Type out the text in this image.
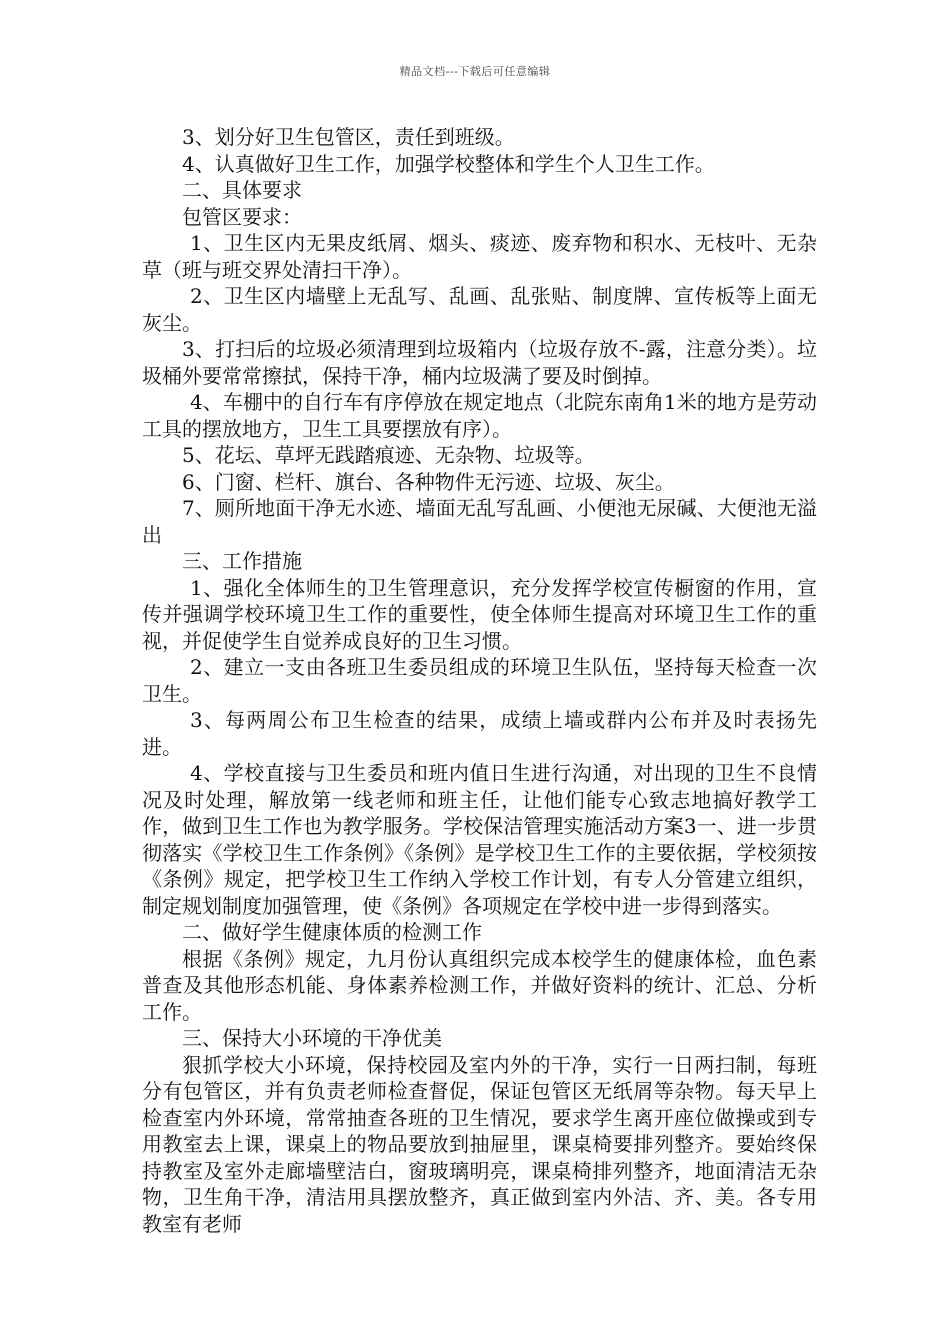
精品文档---下载后可任意编辑

3、划分好卫生包管区，责任到班级。

4、认真做好卫生工作，加强学校整体和学生个人卫生工作。

二、具体要求

包管区要求：

1、卫生区内无果皮纸屑、烟头、痰迹、废弃物和积水、无枝叶、无杂草（班与班交界处清扫干净）。

2、卫生区内墙壁上无乱写、乱画、乱张贴、制度牌、宣传板等上面无灰尘。

3、打扫后的垃圾必须清理到垃圾箱内（垃圾存放不-露，注意分类）。垃圾桶外要常常擦拭，保持干净，桶内垃圾满了要及时倒掉。

4、车棚中的自行车有序停放在规定地点（北院东南角1米的地方是劳动工具的摆放地方，卫生工具要摆放有序）。

5、花坛、草坪无践踏痕迹、无杂物、垃圾等。

6、门窗、栏杆、旗台、各种物件无污迹、垃圾、灰尘。

7、厕所地面干净无水迹、墙面无乱写乱画、小便池无尿碱、大便池无溢出

三、工作措施

1、强化全体师生的卫生管理意识，充分发挥学校宣传橱窗的作用，宣传并强调学校环境卫生工作的重要性，使全体师生提高对环境卫生工作的重视，并促使学生自觉养成良好的卫生习惯。

2、建立一支由各班卫生委员组成的环境卫生队伍，坚持每天检查一次卫生。

3、每两周公布卫生检查的结果，成绩上墙或群内公布并及时表扬先进。

4、学校直接与卫生委员和班内值日生进行沟通，对出现的卫生不良情况及时处理，解放第一线老师和班主任，让他们能专心致志地搞好教学工作，做到卫生工作也为教学服务。学校保洁管理实施活动方案3一、进一步贯彻落实《学校卫生工作条例》《条例》是学校卫生工作的主要依据，学校须按《条例》规定，把学校卫生工作纳入学校工作计划，有专人分管建立组织，制定规划制度加强管理，使《条例》各项规定在学校中进一步得到落实。

二、做好学生健康体质的检测工作

根据《条例》规定，九月份认真组织完成本校学生的健康体检，血色素普查及其他形态机能、身体素养检测工作，并做好资料的统计、汇总、分析工作。

三、保持大小环境的干净优美

狠抓学校大小环境，保持校园及室内外的干净，实行一日两扫制，每班分有包管区，并有负责老师检查督促，保证包管区无纸屑等杂物。每天早上检查室内外环境，常常抽查各班的卫生情况，要求学生离开座位做操或到专用教室去上课，课桌上的物品要放到抽屉里，课桌椅要排列整齐。要始终保持教室及室外走廊墙壁洁白，窗玻璃明亮，课桌椅排列整齐，地面清洁无杂物，卫生角干净，清洁用具摆放整齐，真正做到室内外洁、齐、美。各专用教室有老师
